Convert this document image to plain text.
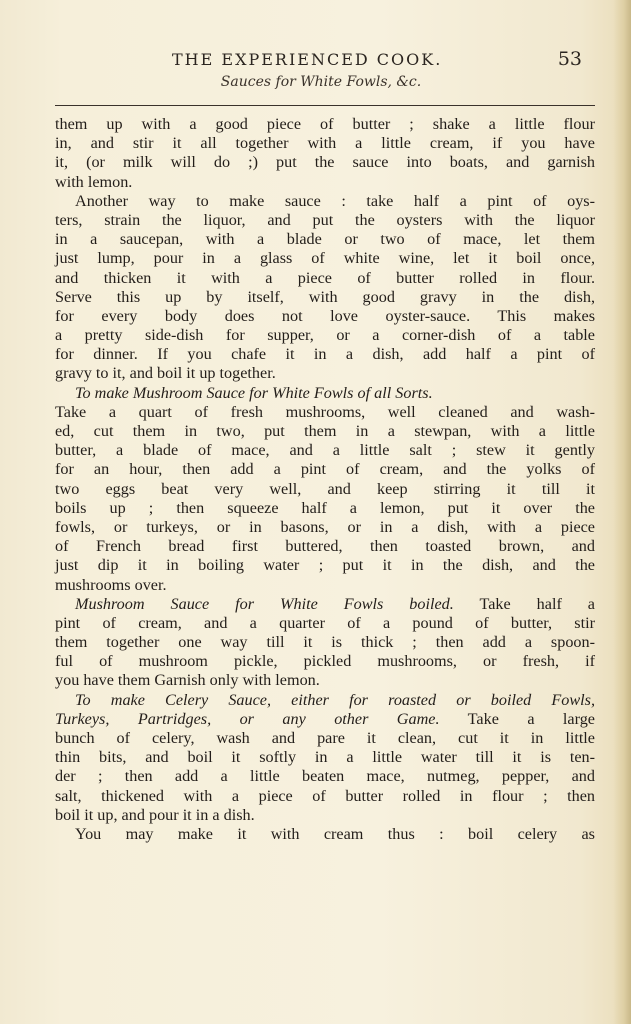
THE EXPERIENCED COOK.	53
Sauces for White Fowls, &c.
them up with a good piece of butter ; shake a little flour
in, and stir it all together with a little cream, if you have
it, (or milk will do ;) put the sauce into boats, and garnish
with lemon.
Another way to make sauce : take half a pint of oys-
ters, strain the liquor, and put the oysters with the liquor
in a saucepan, with a blade or two of mace, let them
just lump, pour in a glass of white wine, let it boil once,
and thicken it with a piece of butter rolled in flour.
Serve this up by itself, with good gravy in the dish,
for every body does not love oyster-sauce. This makes
a pretty side-dish for supper, or a corner-dish of a table
for dinner. If you chafe it in a dish, add half a pint of
gravy to it, and boil it up together.
To make Mushroom Sauce for White Fowls of all Sorts.
Take a quart of fresh mushrooms, well cleaned and wash-
ed, cut them in two, put them in a stewpan, with a little
butter, a blade of mace, and a little salt ; stew it gently
for an hour, then add a pint of cream, and the yolks of
two eggs beat very well, and keep stirring it till it
boils up ; then squeeze half a lemon, put it over the
fowls, or turkeys, or in basons, or in a dish, with a piece
of French bread first buttered, then toasted brown, and
just dip it in boiling water ; put it in the dish, and the
mushrooms over.
Mushroom Sauce for White Fowls boiled. Take half a
pint of cream, and a quarter of a pound of butter, stir
them together one way till it is thick ; then add a spoon-
ful of mushroom pickle, pickled mushrooms, or fresh, if
you have them Garnish only with lemon.
To make Celery Sauce, either for roasted or boiled Fowls,
Turkeys, Partridges, or any other Game. Take a large
bunch of celery, wash and pare it clean, cut it in little
thin bits, and boil it softly in a little water till it is ten-
der ; then add a little beaten mace, nutmeg, pepper, and
salt, thickened with a piece of butter rolled in flour ; then
boil it up, and pour it in a dish.
You may make it with cream thus : boil celery as
